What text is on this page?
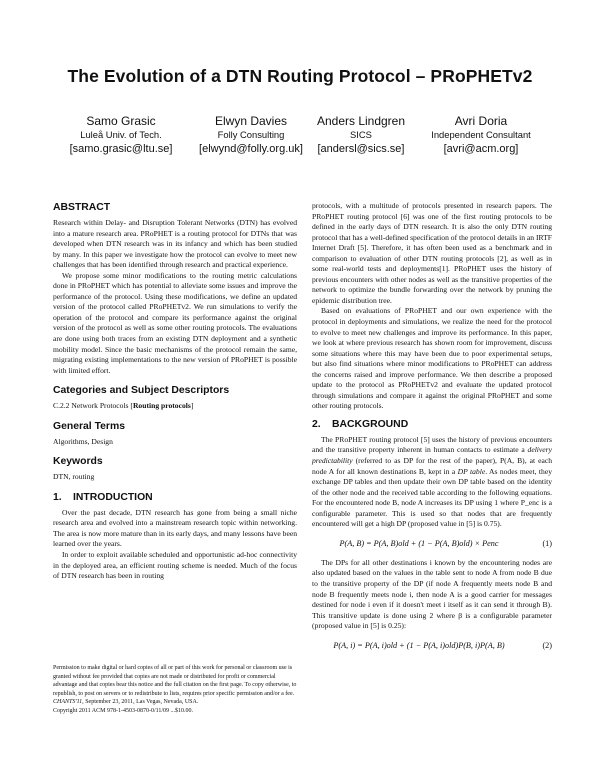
The Evolution of a DTN Routing Protocol – PRoPHETv2
Samo Grasic
Luleå Univ. of Tech.
[samo.grasic@ltu.se]
Elwyn Davies
Folly Consulting
[elwynd@folly.org.uk]
Anders Lindgren
SICS
[andersl@sics.se]
Avri Doria
Independent Consultant
[avri@acm.org]
ABSTRACT

Research within Delay- and Disruption Tolerant Networks (DTN) has evolved into a mature research area. PRoPHET is a routing protocol for DTNs that was developed when DTN research was in its infancy and which has been studied by many. In this paper we investigate how the protocol can evolve to meet new challenges that has been identified through research and practical experience.

We propose some minor modifications to the routing metric calculations done in PRoPHET which has potential to alleviate some issues and improve the performance of the protocol. Using these modifications, we define an updated version of the protocol called PRoPHETv2. We run simulations to verify the operation of the protocol and compare its performance against the original version of the protocol as well as some other routing protocols. The evaluations are done using both traces from an existing DTN deployment and a synthetic mobility model. Since the basic mechanisms of the protocol remain the same, migrating existing implementations to the new version of PRoPHET is possible with limited effort.

Categories and Subject Descriptors

C.2.2 Network Protocols [Routing protocols]

General Terms

Algorithms, Design

Keywords

DTN, routing

1. INTRODUCTION

Over the past decade, DTN research has gone from being a small niche research area and evolved into a mainstream research topic within networking. The area is now more mature than in its early days, and many lessons have been learned over the years.

In order to exploit available scheduled and opportunistic ad-hoc connectivity in the deployed area, an efficient routing scheme is needed. Much of the focus of DTN research has been in routing

protocols, with a multitude of protocols presented in research papers. The PRoPHET routing protocol [6] was one of the first routing protocols to be defined in the early days of DTN research. It is also the only DTN routing protocol that has a well-defined specification of the protocol details in an IRTF Internet Draft [5]. Therefore, it has often been used as a benchmark and in comparison to evaluation of other DTN routing protocols [2], as well as in some real-world tests and deployments[1]. PRoPHET uses the history of previous encounters with other nodes as well as the transitive properties of the network to optimize the bundle forwarding over the network by pruning the epidemic distribution tree.

Based on evaluations of PRoPHET and our own experience with the protocol in deployments and simulations, we realize the need for the protocol to evolve to meet new challenges and improve its performance. In this paper, we look at where previous research has shown room for improvement, discuss some situations where this may have been due to poor experimental setups, but also find situations where minor modifications to PRoPHET can address the concerns raised and improve performance. We then describe a proposed update to the protocol as PRoPHETv2 and evaluate the updated protocol through simulations and compare it against the original PRoPHET and some other routing protocols.

2. BACKGROUND

The PRoPHET routing protocol [5] uses the history of previous encounters and the transitive property inherent in human contacts to estimate a delivery predictability (referred to as DP for the rest of the paper), P(A, B), at each node A for all known destinations B, kept in a DP table. As nodes meet, they exchange DP tables and then update their own DP table based on the identity of the other node and the received table according to the following equations. For the encountered node B, node A increases its DP using 1 where P_enc is a configurable parameter. This is used so that nodes that are frequently encountered will get a high DP (proposed value in [5] is 0.75).

P(A, B) = P(A, B)old + (1 − P(A, B)old) × Penc	(1)

The DPs for all other destinations i known by the encountering nodes are also updated based on the values in the table sent to node A from node B due to the transitive property of the DP (if node A frequently meets node B and node B frequently meets node i, then node A is a good carrier for messages destined for node i even if it doesn't meet i itself as it can send it through B). This transitive update is done using 2 where β is a configurable parameter (proposed value in [5] is 0.25):

P(A, i) = P(A, i)old + (1 − P(A, i)old)P(B, i)P(A, B)	(2)

Permission to make digital or hard copies of all or part of this work for personal or classroom use is granted without fee provided that copies are not made or distributed for profit or commercial advantage and that copies bear this notice and the full citation on the first page. To copy otherwise, to republish, to post on servers or to redistribute to lists, requires prior specific permission and/or a fee.

CHANTS'11, September 23, 2011, Las Vegas, Nevada, USA.

Copyright 2011 ACM 978-1-4503-0870-0/11/09 ...$10.00.
